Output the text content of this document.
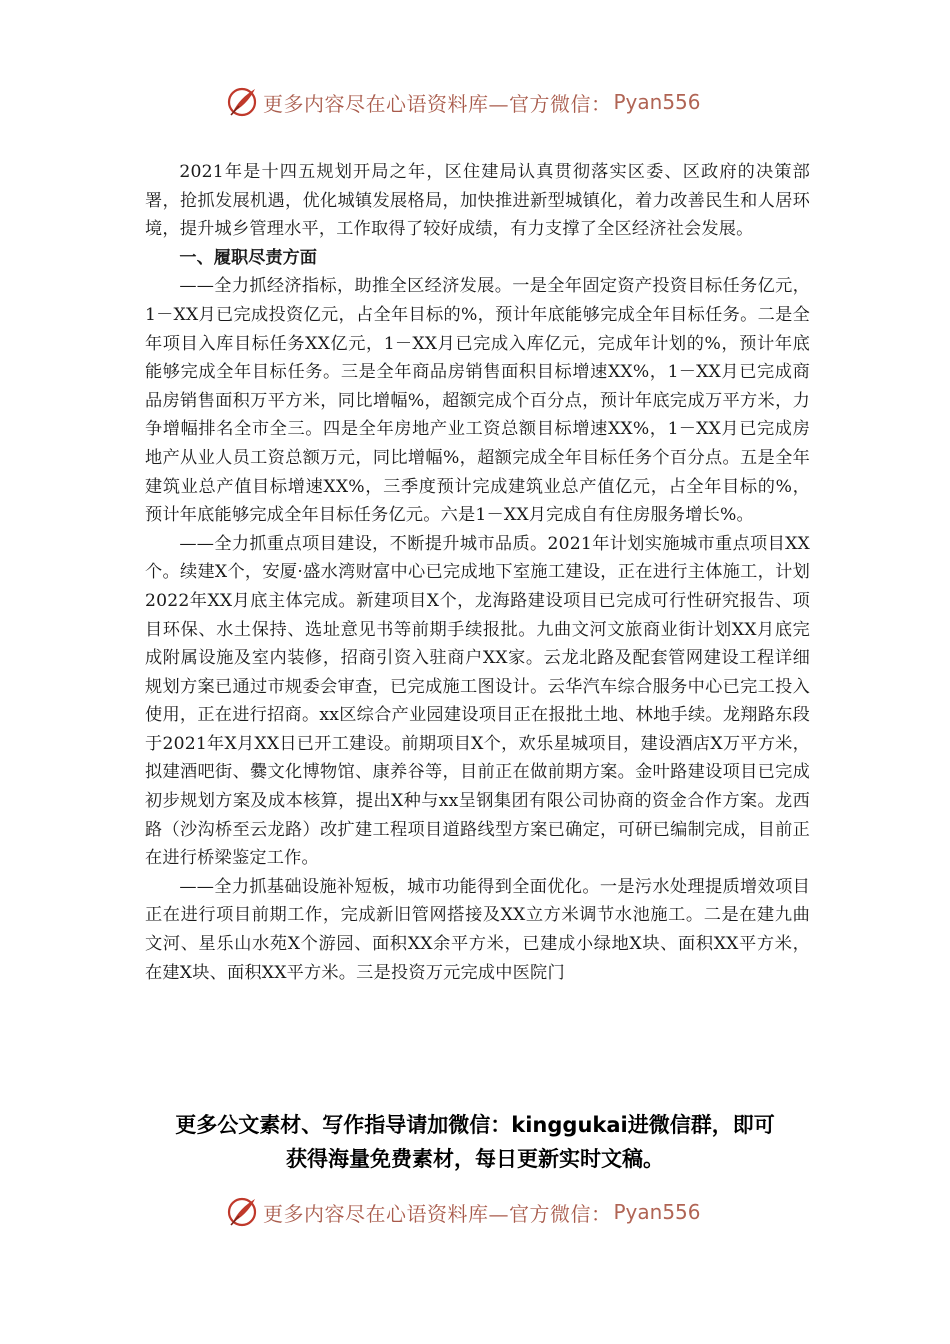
更多内容尽在心语资料库—官方微信： Pyan556

2021年是十四五规划开局之年，区住建局认真贯彻落实区委、区政府的决策部署，抢抓发展机遇，优化城镇发展格局，加快推进新型城镇化，着力改善民生和人居环境，提升城乡管理水平，工作取得了较好成绩，有力支撑了全区经济社会发展。

一、履职尽责方面

——全力抓经济指标，助推全区经济发展。一是全年固定资产投资目标任务亿元，1－XX月已完成投资亿元，占全年目标的%，预计年底能够完成全年目标任务。二是全年项目入库目标任务XX亿元，1－XX月已完成入库亿元，完成年计划的%，预计年底能够完成全年目标任务。三是全年商品房销售面积目标增速XX%，1－XX月已完成商品房销售面积万平方米，同比增幅%，超额完成个百分点，预计年底完成万平方米，力争增幅排名全市全三。四是全年房地产业工资总额目标增速XX%，1－XX月已完成房地产从业人员工资总额万元，同比增幅%，超额完成全年目标任务个百分点。五是全年建筑业总产值目标增速XX%，三季度预计完成建筑业总产值亿元，占全年目标的%，预计年底能够完成全年目标任务亿元。六是1－XX月完成自有住房服务增长%。

——全力抓重点项目建设，不断提升城市品质。2021年计划实施城市重点项目XX个。续建X个，安厦·盛水湾财富中心已完成地下室施工建设，正在进行主体施工，计划2022年XX月底主体完成。新建项目X个，龙海路建设项目已完成可行性研究报告、项目环保、水土保持、选址意见书等前期手续报批。九曲文河文旅商业街计划XX月底完成附属设施及室内装修，招商引资入驻商户XX家。云龙北路及配套管网建设工程详细规划方案已通过市规委会审查，已完成施工图设计。云华汽车综合服务中心已完工投入使用，正在进行招商。xx区综合产业园建设项目正在报批土地、林地手续。龙翔路东段于2021年X月XX日已开工建设。前期项目X个，欢乐星城项目，建设酒店X万平方米，拟建酒吧街、爨文化博物馆、康养谷等，目前正在做前期方案。金叶路建设项目已完成初步规划方案及成本核算，提出X种与xx呈钢集团有限公司协商的资金合作方案。龙西路（沙沟桥至云龙路）改扩建工程项目道路线型方案已确定，可研已编制完成，目前正在进行桥梁鉴定工作。

——全力抓基础设施补短板，城市功能得到全面优化。一是污水处理提质增效项目正在进行项目前期工作，完成新旧管网搭接及XX立方米调节水池施工。二是在建九曲文河、星乐山水苑X个游园、面积XX余平方米，已建成小绿地X块、面积XX平方米，在建X块、面积XX平方米。三是投资万元完成中医院门

更多公文素材、写作指导请加微信：kinggukai进微信群，即可
获得海量免费素材，每日更新实时文稿。
更多内容尽在心语资料库—官方微信： Pyan556
